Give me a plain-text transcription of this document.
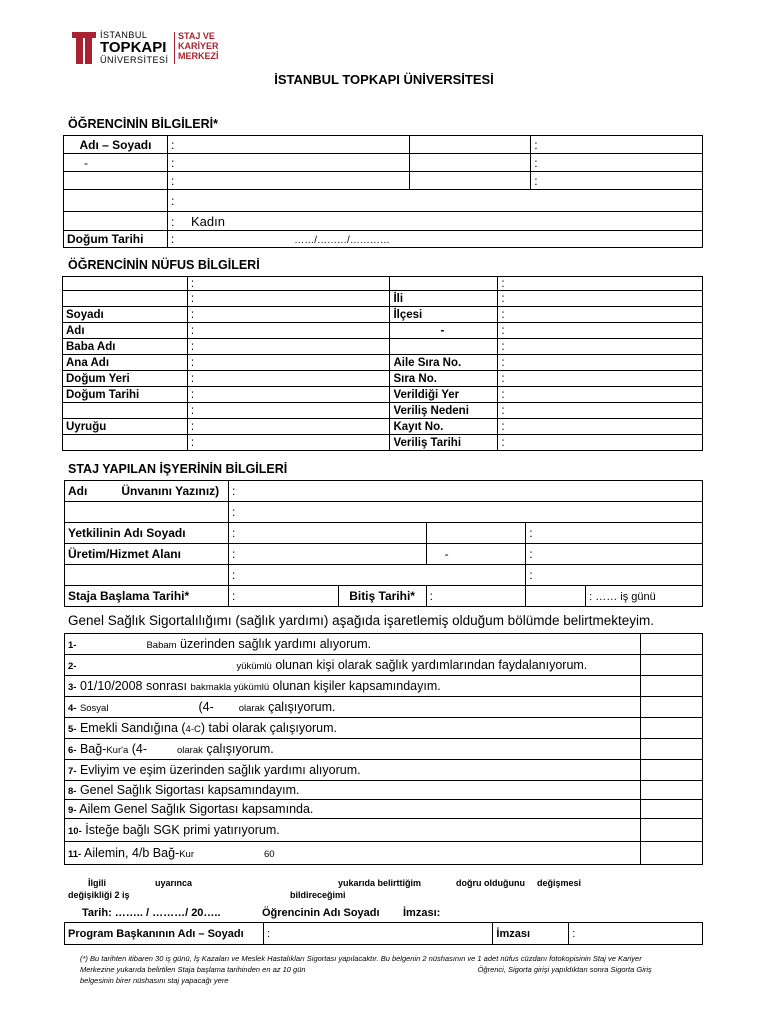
İSTANBUL
TOPKAPI
ÜNİVERSİTESİ
STAJ VE
KARİYER
MERKEZİ
İSTANBUL TOPKAPI ÜNİVERSİTESİ
ÖĞRENCİNİN BİLGİLERİ*
Adı – Soyadı	:		:
-	:		:
	:		:
	:		
	: Kadın		
Doğum Tarihi	: ……/………/…………		
ÖĞRENCİNİN NÜFUS BİLGİLERİ
	:		:
	:	İli	:
Soyadı	:	İlçesi	:
Adı	:	-	:
Baba Adı	:		:
Ana Adı	:	Aile Sıra No.	:
Doğum Yeri	:	Sıra No.	:
Doğum Tarihi	:	Verildiği Yer	:
	:	Veriliş Nedeni	:
Uyruğu	:	Kayıt No.	:
	:	Veriliş Tarihi	:
STAJ YAPILAN İŞYERİNİN BİLGİLERİ
Adı Ünvanını Yazınız)	:				
	:				
Yetkilinin Adı Soyadı	:			:	
Üretim/Hizmet Alanı	:		-	:	
	:			:	
Staja Başlama Tarihi*	:	Bitiş Tarihi*	:		: …… iş günü
Genel Sağlık Sigortalılığımı (sağlık yardımı) aşağıda işaretlemiş olduğum bölümde belirtmekteyim.
1- Babam üzerinden sağlık yardımı alıyorum.	
2- yükümlü olunan kişi olarak sağlık yardımlarından faydalanıyorum.	
3- 01/10/2008 sonrası bakmakla yükümlü olunan kişiler kapsamındayım.	
4- Sosyal (4- olarak çalışıyorum.	
5- Emekli Sandığına (4-C) tabi olarak çalışıyorum.	
6- Bağ-Kur'a (4- olarak çalışıyorum.	
7- Evliyim ve eşim üzerinden sağlık yardımı alıyorum.	
8- Genel Sağlık Sigortası kapsamındayım.	
9- Ailem Genel Sağlık Sigortası kapsamında.	
10- İsteğe bağlı SGK primi yatırıyorum.	
11- Ailemin, 4/b Bağ-Kur 60	
İlgili	uyarınca	yukarıda belirttiğim	doğru olduğunu değişmesi
değişikliği 2 iş	bildireceğimi
Tarih: …….. / ………/ 20…..	Öğrencinin Adı Soyadı İmzası:
Program Başkanının Adı – Soyadı	:	İmzası	:
(*) Bu tarihten itibaren 30 iş günü, İş Kazaları ve Meslek Hastalıkları Sigortası yapılacaktır. Bu belgenin 2 nüshasının ve 1 adet nüfus cüzdanı fotokopisinin Staj ve Kariyer
Merkezine yukarıda belirtilen Staja başlama tarihinden en az 10 gün	Öğrenci, Sigorta girişi yapıldıktan sonra Sigorta Giriş
belgesinin birer nüshasını staj yapacağı yere
